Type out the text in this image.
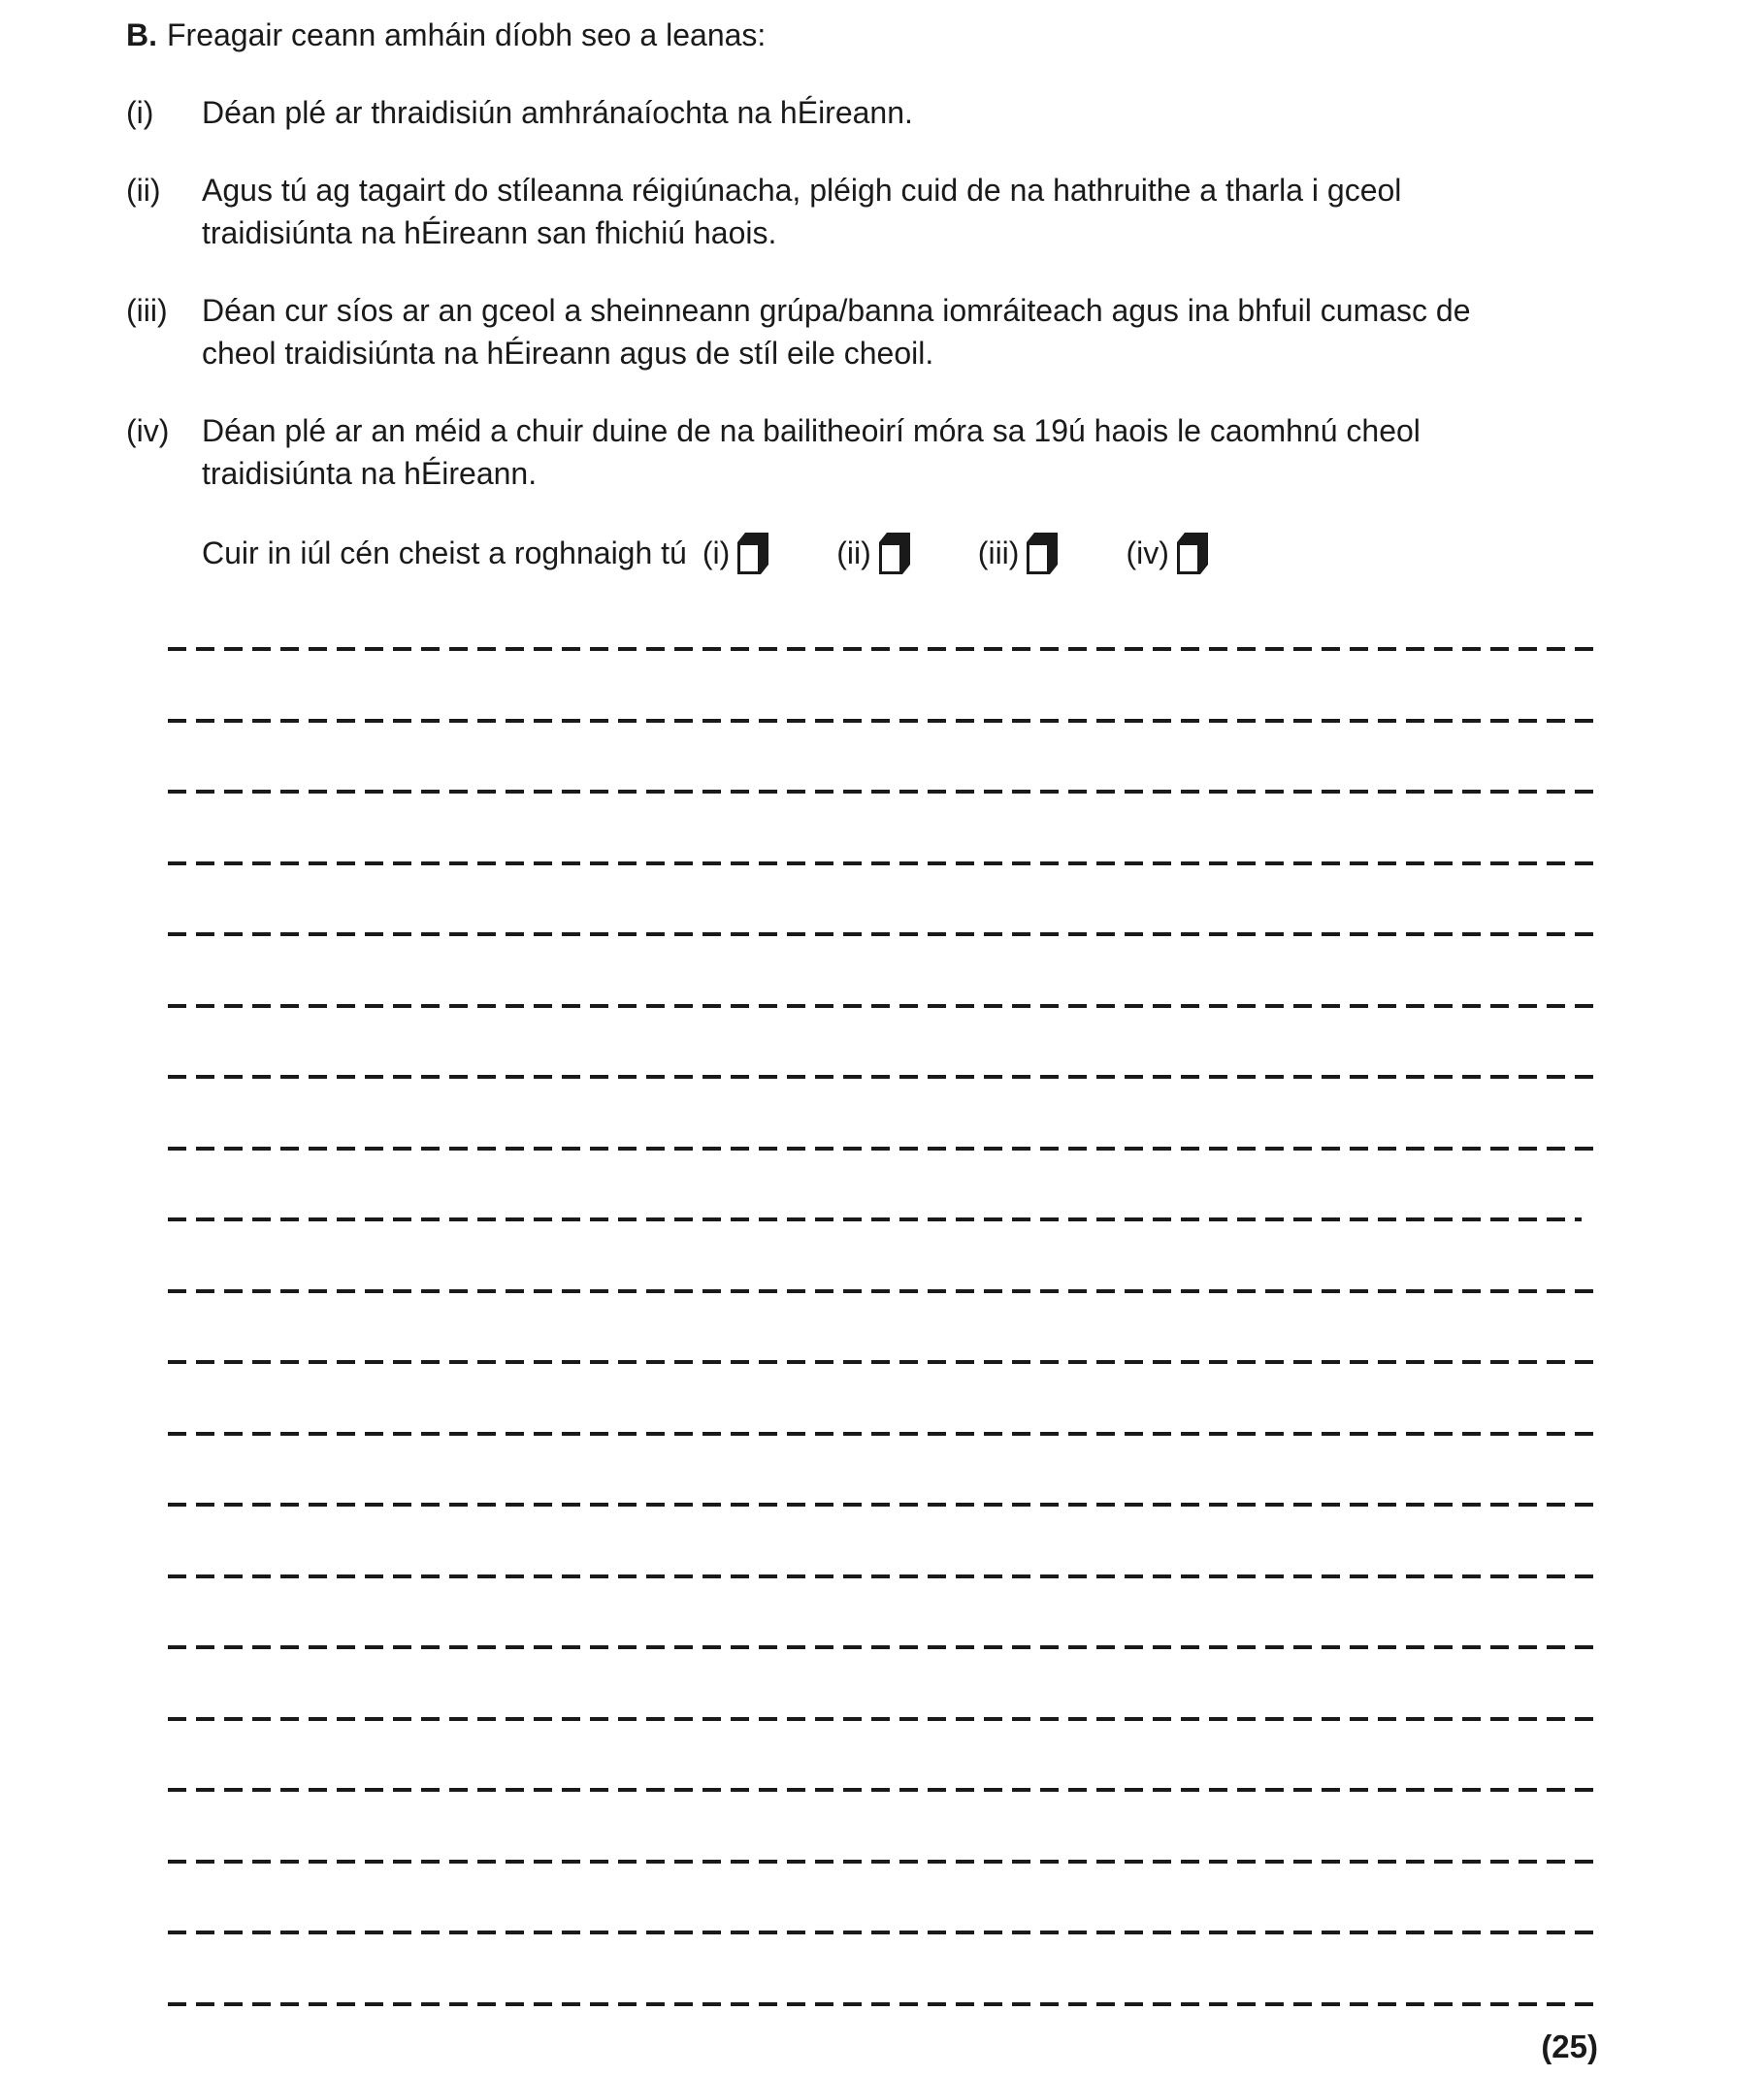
B. Freagair ceann amháin díobh seo a leanas:
(i)	Déan plé ar thraidisiún amhránaíochta na hÉireann.
(ii)	Agus tú ag tagairt do stíleanna réigiúnacha, pléigh cuid de na hathruithe a tharla i gceol
traidisiúnta na hÉireann san fhichiú haois.
(iii)	Déan cur síos ar an gceol a sheinneann grúpa/banna iomráiteach agus ina bhfuil cumasc de
cheol traidisiúnta na hÉireann agus de stíl eile cheoil.
(iv)	Déan plé ar an méid a chuir duine de na bailitheoirí móra sa 19ú haois le caomhnú cheol
traidisiúnta na hÉireann.
Cuir in iúl cén cheist a roghnaigh tú (i)	(ii)	(iii)	(iv)
(25)
